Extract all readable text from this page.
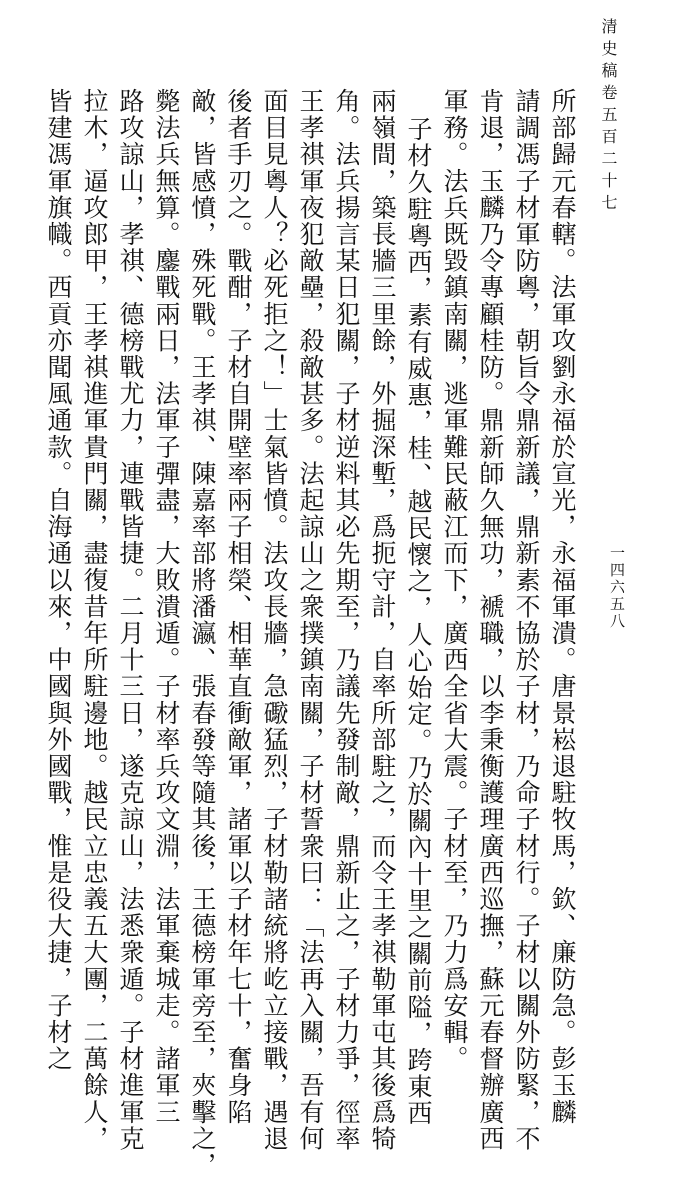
清史稿卷五百二十七
一四六五八
所部歸元春轄。法軍攻劉永福於宣光，永福軍潰。唐景崧退駐牧馬，欽、廉防急。彭玉麟
請調馮子材軍防粵，朝旨令鼎新議，鼎新素不協於子材，乃命子材行。子材以關外防緊，不
肯退，玉麟乃令專顧桂防。鼎新師久無功，褫職，以李秉衡護理廣西巡撫，蘇元春督辦廣西
軍務。法兵既毀鎮南關，逃軍難民蔽江而下，廣西全省大震。子材至，乃力爲安輯。
子材久駐粵西，素有威惠，桂、越民懷之，人心始定。乃於關內十里之關前隘，跨東西
兩嶺間，築長牆三里餘，外掘深塹，爲扼守計，自率所部駐之，而令王孝祺勒軍屯其後爲犄
角。法兵揚言某日犯關，子材逆料其必先期至，乃議先發制敵，鼎新止之，子材力爭，徑率
王孝祺軍夜犯敵壘，殺敵甚多。法起諒山之衆撲鎮南關，子材誓衆曰：「法再入關，吾有何
面目見粵人？必死拒之！」士氣皆憤。法攻長牆，急礮猛烈，子材勒諸統將屹立接戰，遇退
後者手刃之。戰酣，子材自開壁率兩子相榮、相華直衝敵軍，諸軍以子材年七十，奮身陷
敵，皆感憤，殊死戰。王孝祺、陳嘉率部將潘瀛、張春發等隨其後，王德榜軍旁至，夾擊之，
斃法兵無算。鏖戰兩日，法軍子彈盡，大敗潰遁。子材率兵攻文淵，法軍棄城走。諸軍三
路攻諒山，孝祺、德榜戰尤力，連戰皆捷。二月十三日，遂克諒山，法悉衆遁。子材進軍克
拉木，逼攻郎甲，王孝祺進軍貴門關，盡復昔年所駐邊地。越民立忠義五大團，二萬餘人，
皆建馮軍旗幟。西貢亦聞風通款。自海通以來，中國與外國戰，惟是役大捷，子材之
